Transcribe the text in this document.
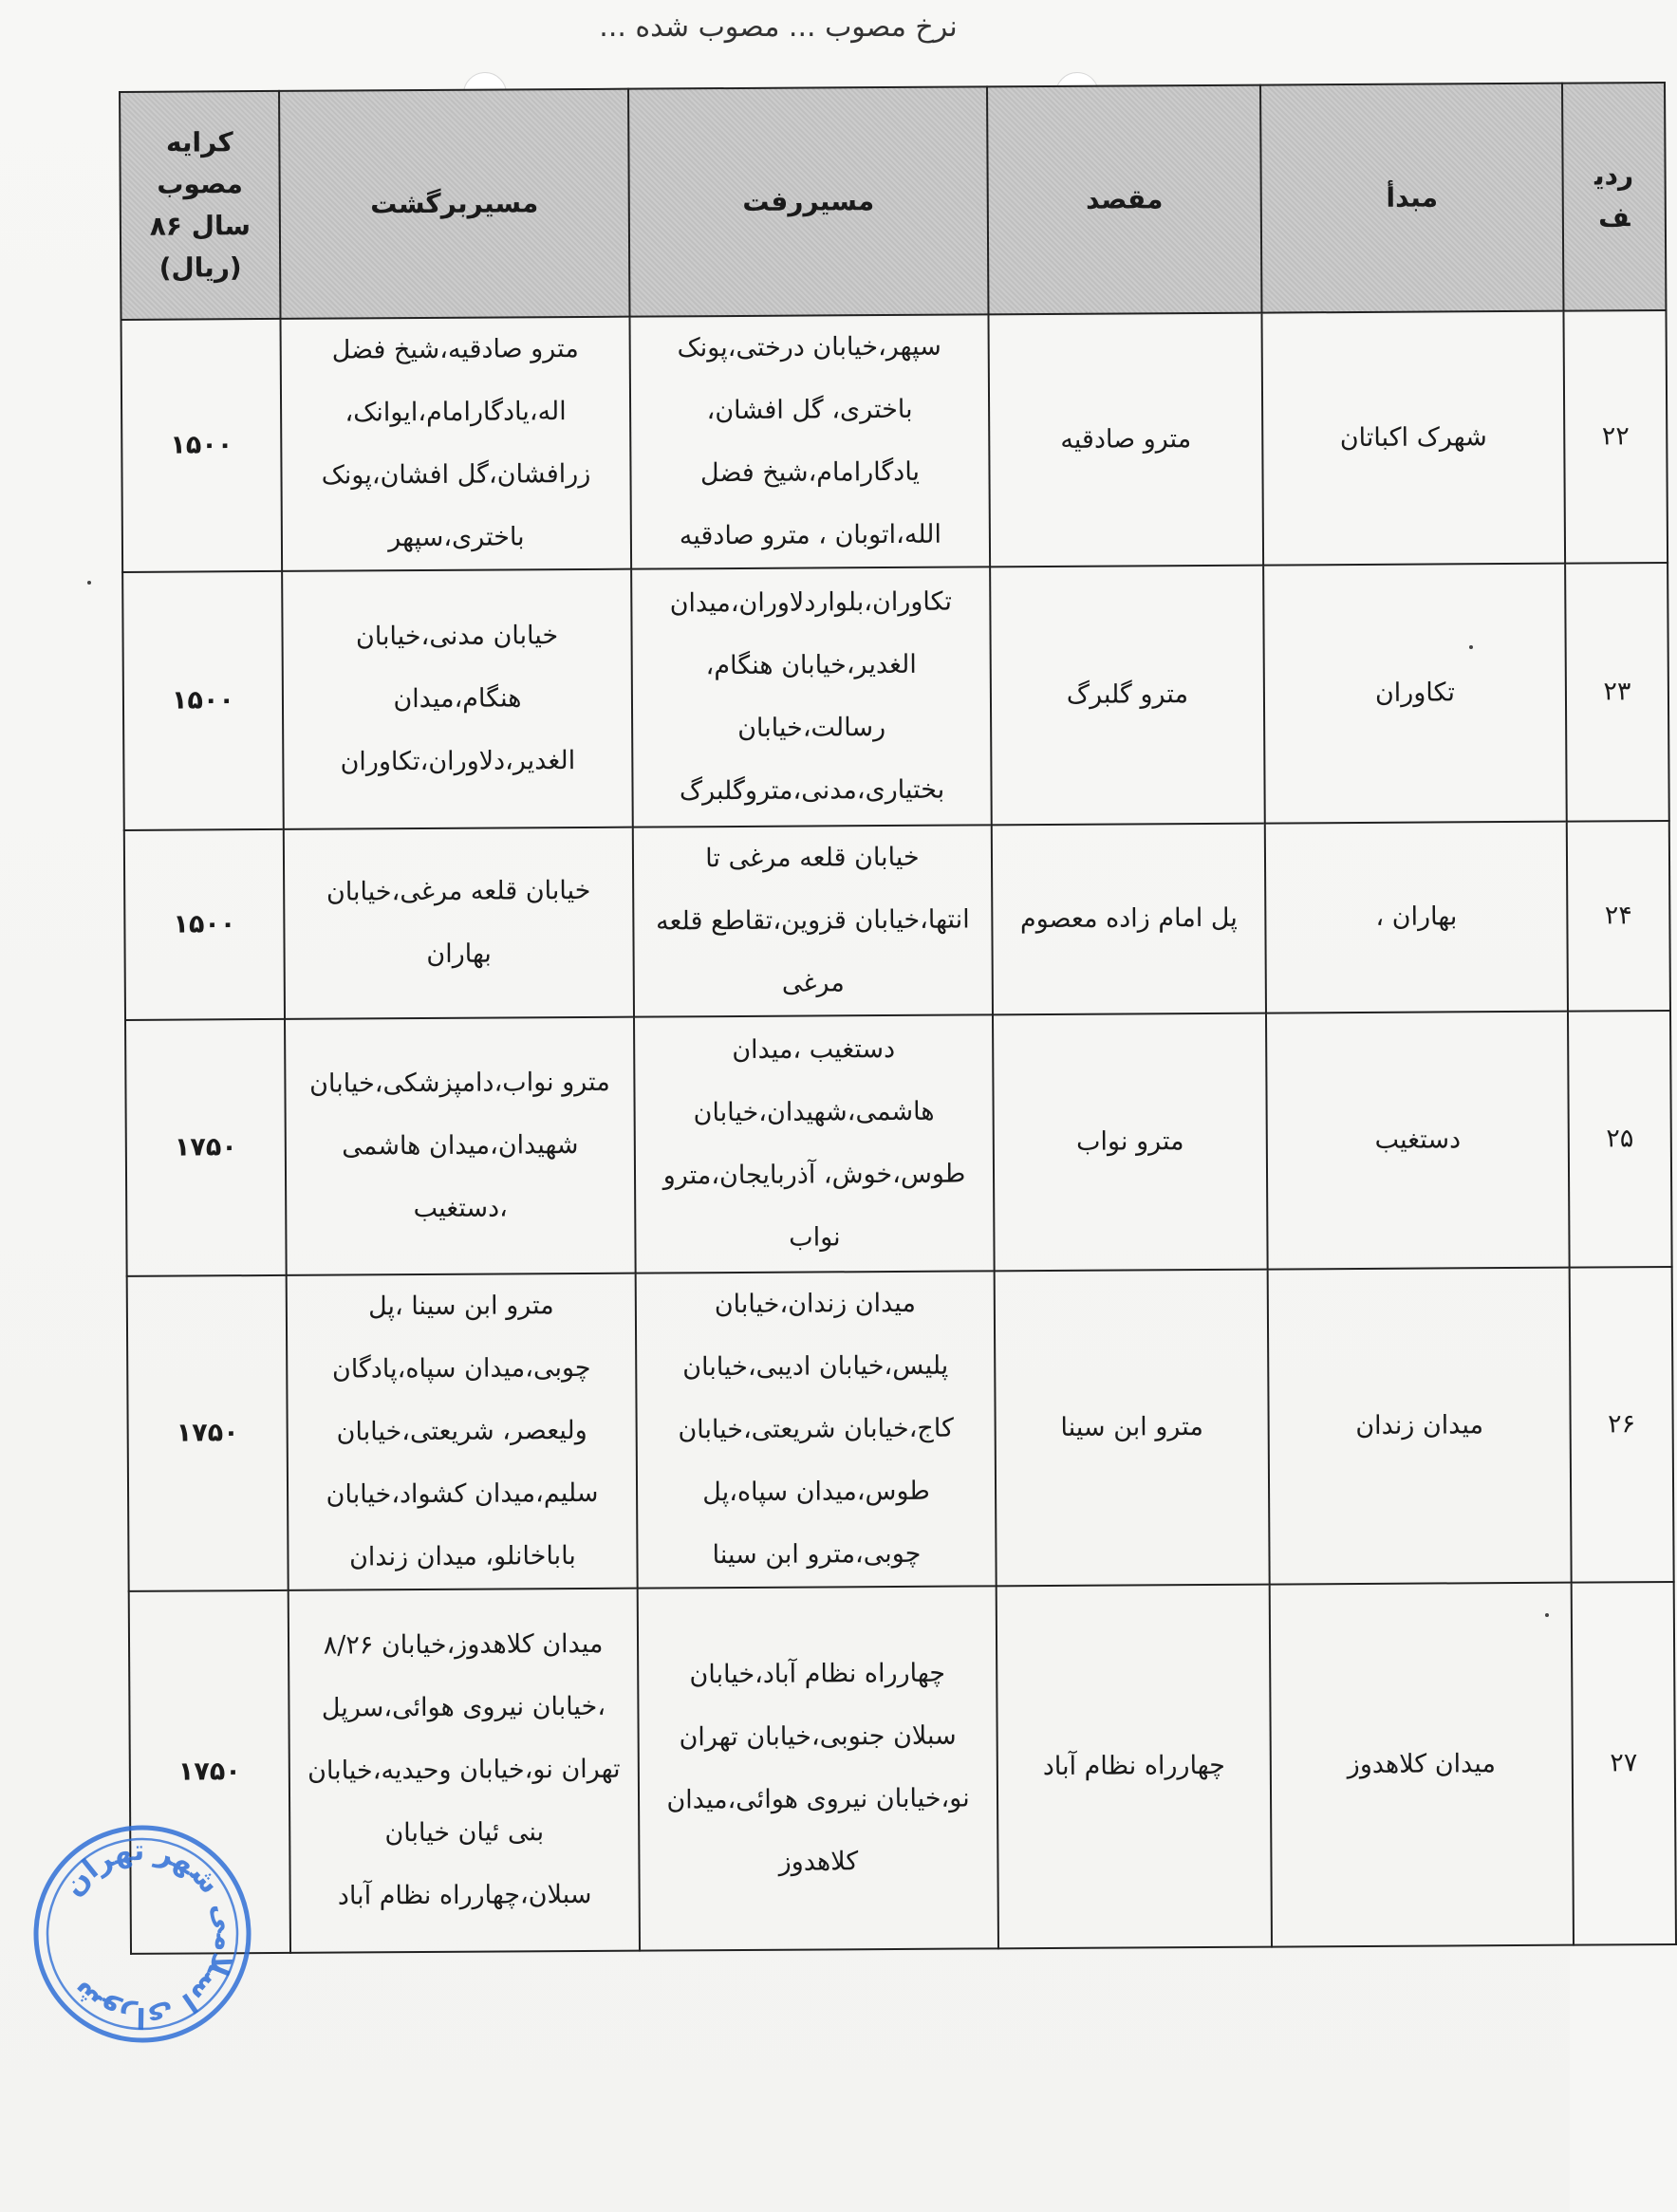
نرخ مصوب ... مصوب شده ...
ردیف	مبدأ	مقصد	مسیررفت	مسیربرگشت	کرایه مصوب سال ۸۶ (ریال)
۲۲	شهرک اکباتان	مترو صادقیه	سپهر،خیابان درختی،پونک باختری، گل افشان، یادگارامام،شیخ فضل الله،اتوبان ، مترو صادقیه	مترو صادقیه،شیخ فضل اله،یادگارامام،ایوانک، زرافشان،گل افشان،پونک باختری،سپهر	۱۵۰۰
۲۳	تکاوران	مترو گلبرگ	تکاوران،بلواردلاوران،میدان الغدیر،خیابان هنگام، رسالت،خیابان بختیاری،مدنی،متروگلبرگ	خیابان مدنی،خیابان هنگام،میدان الغدیر،دلاوران،تکاوران	۱۵۰۰
۲۴	بهاران ،	پل امام زاده معصوم	خیابان قلعه مرغی تا انتها،خیابان قزوین،تقاطع قلعه مرغی	خیابان قلعه مرغی،خیابان بهاران	۱۵۰۰
۲۵	دستغیب	مترو نواب	دستغیب ،میدان هاشمی،شهیدان،خیابان طوس،خوش، آذربایجان،مترو نواب	مترو نواب،دامپزشکی،خیابان شهیدان،میدان هاشمی ،دستغیب	۱۷۵۰
۲۶	میدان زندان	مترو ابن سینا	میدان زندان،خیابان پلیس،خیابان ادیبی،خیابان کاج،خیابان شریعتی،خیابان طوس،میدان سپاه،پل چوبی،مترو ابن سینا	مترو ابن سینا ،پل چوبی،میدان سپاه،پادگان ولیعصر، شریعتی،خیابان سلیم،میدان کشواد،خیابان باباخانلو، میدان زندان	۱۷۵۰
۲۷	میدان کلاهدوز	چهارراه نظام آباد	چهارراه نظام آباد،خیابان سبلان جنوبی،خیابان تهران نو،خیابان نیروی هوائی،میدان کلاهدوز	میدان کلاهدوز،خیابان ۸/۲۶ ،خیابان نیروی هوائی،سرپل تهران نو،خیابان وحیدیه،خیابان بنی ئیان خیابان سبلان،چهارراه نظام آباد	۱۷۵۰
شورای اسلامی شهر تهران
